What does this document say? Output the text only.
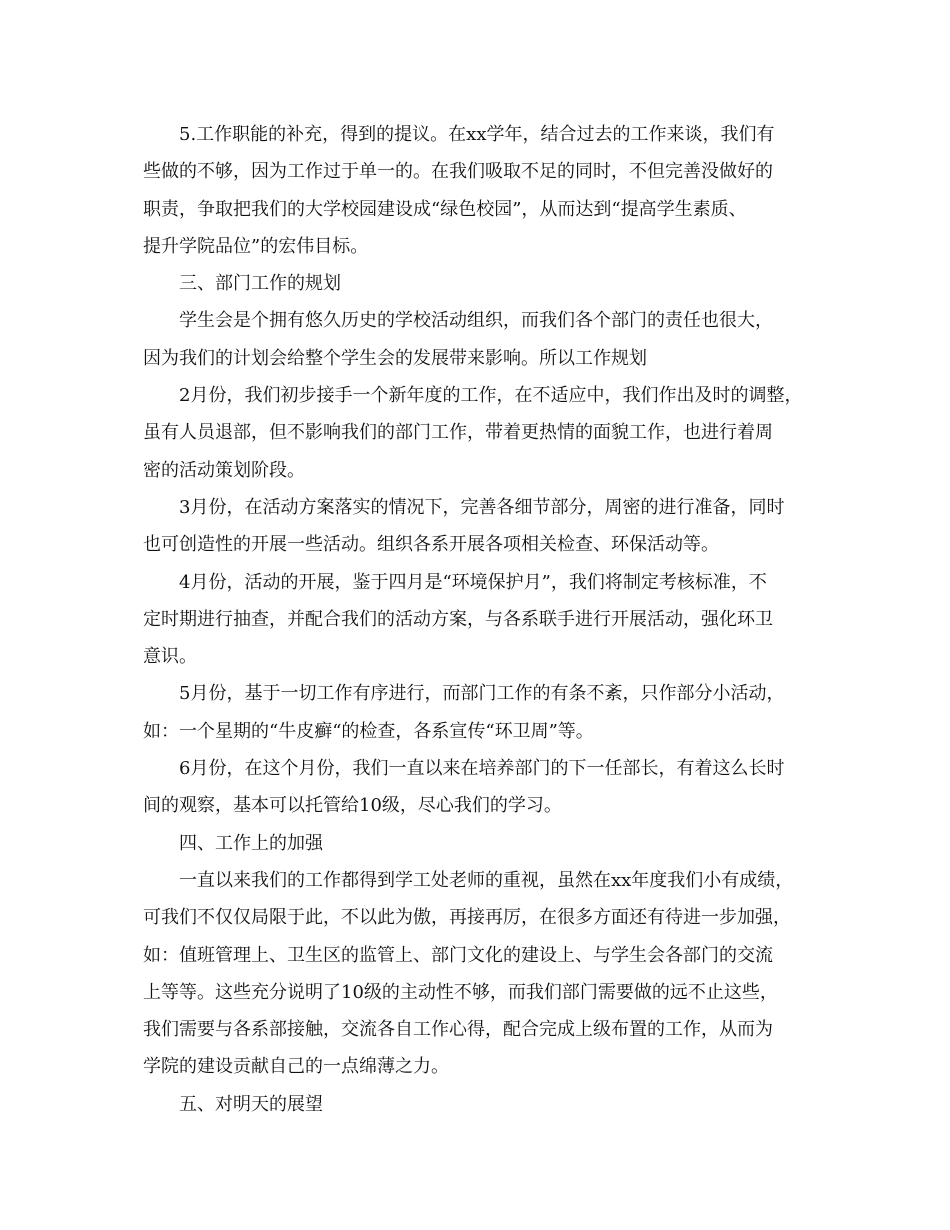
5.工作职能的补充，得到的提议。在xx学年，结合过去的工作来谈，我们有
些做的不够，因为工作过于单一的。在我们吸取不足的同时，不但完善没做好的
职责，争取把我们的大学校园建设成“绿色校园”，从而达到“提高学生素质、
提升学院品位”的宏伟目标。
三、部门工作的规划
学生会是个拥有悠久历史的学校活动组织，而我们各个部门的责任也很大，
因为我们的计划会给整个学生会的发展带来影响。所以工作规划
2月份，我们初步接手一个新年度的工作，在不适应中，我们作出及时的调整，
虽有人员退部，但不影响我们的部门工作，带着更热情的面貌工作，也进行着周
密的活动策划阶段。
3月份，在活动方案落实的情况下，完善各细节部分，周密的进行准备，同时
也可创造性的开展一些活动。组织各系开展各项相关检查、环保活动等。
4月份，活动的开展，鉴于四月是“环境保护月”，我们将制定考核标准，不
定时期进行抽查，并配合我们的活动方案，与各系联手进行开展活动，强化环卫
意识。
5月份，基于一切工作有序进行，而部门工作的有条不紊，只作部分小活动，
如：一个星期的“牛皮癣“的检查，各系宣传“环卫周”等。
6月份，在这个月份，我们一直以来在培养部门的下一任部长，有着这么长时
间的观察，基本可以托管给10级，尽心我们的学习。
四、工作上的加强
一直以来我们的工作都得到学工处老师的重视，虽然在xx年度我们小有成绩，
可我们不仅仅局限于此，不以此为傲，再接再厉，在很多方面还有待进一步加强，
如：值班管理上、卫生区的监管上、部门文化的建设上、与学生会各部门的交流
上等等。这些充分说明了10级的主动性不够，而我们部门需要做的远不止这些，
我们需要与各系部接触，交流各自工作心得，配合完成上级布置的工作，从而为
学院的建设贡献自己的一点绵薄之力。
五、对明天的展望
